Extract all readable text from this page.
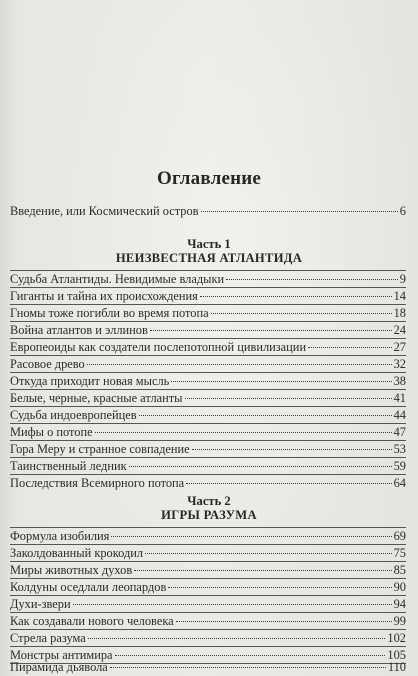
Оглавление
Введение, или Космический остров	6
Часть 1
НЕИЗВЕСТНАЯ АТЛАНТИДА
Судьба Атлантиды. Невидимые владыки	9
Гиганты и тайна их происхождения	14
Гномы тоже погибли во время потопа	18
Война атлантов и эллинов	24
Европеоиды как создатели послепотопной цивилизации	27
Расовое древо	32
Откуда приходит новая мысль	38
Белые, черные, красные атланты	41
Судьба индоевропейцев	44
Мифы о потопе	47
Гора Меру и странное совпадение	53
Таинственный ледник	59
Последствия Всемирного потопа	64
Часть 2
ИГРЫ РАЗУМА
Формула изобилия	69
Заколдованный крокодил	75
Миры животных духов	85
Колдуны оседлали леопардов	90
Духи-звери	94
Как создавали нового человека	99
Стрела разума	102
Монстры антимира	105
Пирамида дьявола	110
